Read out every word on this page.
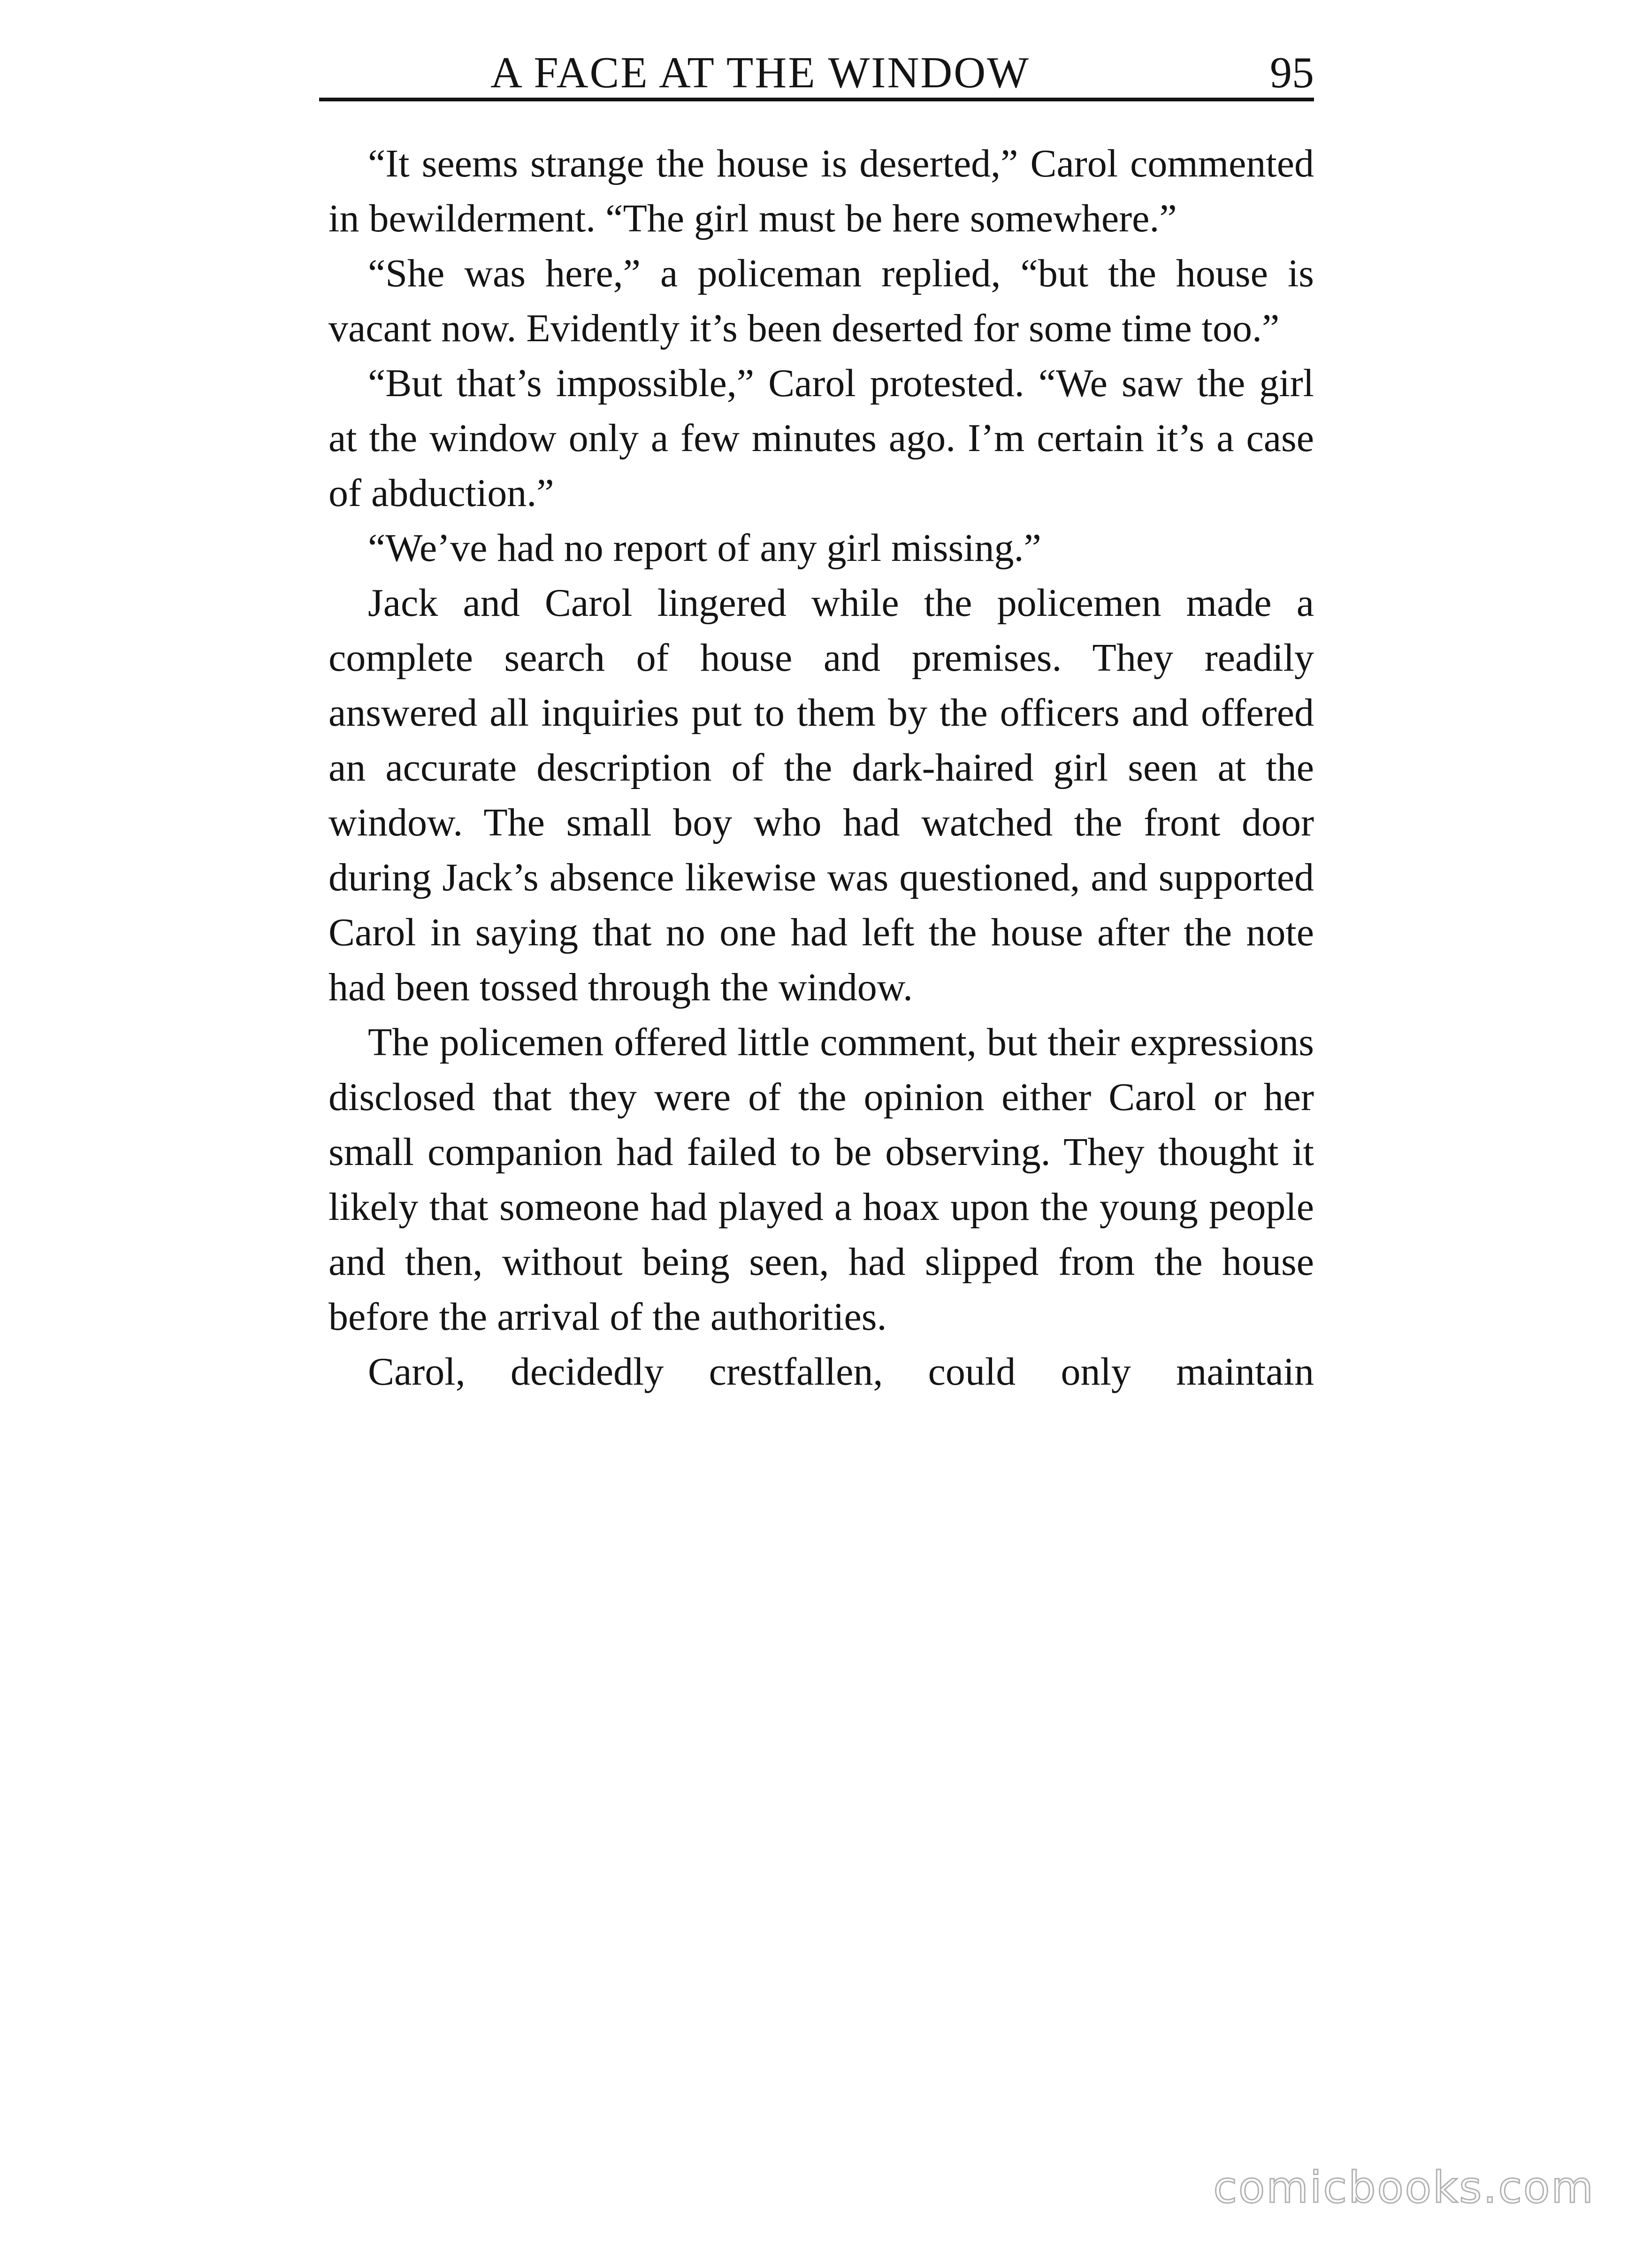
A FACE AT THE WINDOW	95

“It seems strange the house is deserted,” Carol commented in bewilderment. “The girl must be here somewhere.”

“She was here,” a policeman replied, “but the house is vacant now. Evidently it’s been deserted for some time too.”

“But that’s impossible,” Carol protested. “We saw the girl at the window only a few minutes ago. I’m certain it’s a case of abduction.”

“We’ve had no report of any girl missing.”

Jack and Carol lingered while the policemen made a complete search of house and premises. They readily answered all inquiries put to them by the officers and offered an accurate description of the dark-haired girl seen at the window. The small boy who had watched the front door during Jack’s absence likewise was questioned, and supported Carol in saying that no one had left the house after the note had been tossed through the window.

The policemen offered little comment, but their expressions disclosed that they were of the opinion either Carol or her small companion had failed to be observing. They thought it likely that someone had played a hoax upon the young people and then, without being seen, had slipped from the house before the arrival of the authorities.

Carol, decidedly crestfallen, could only maintain

comicbooks.com
